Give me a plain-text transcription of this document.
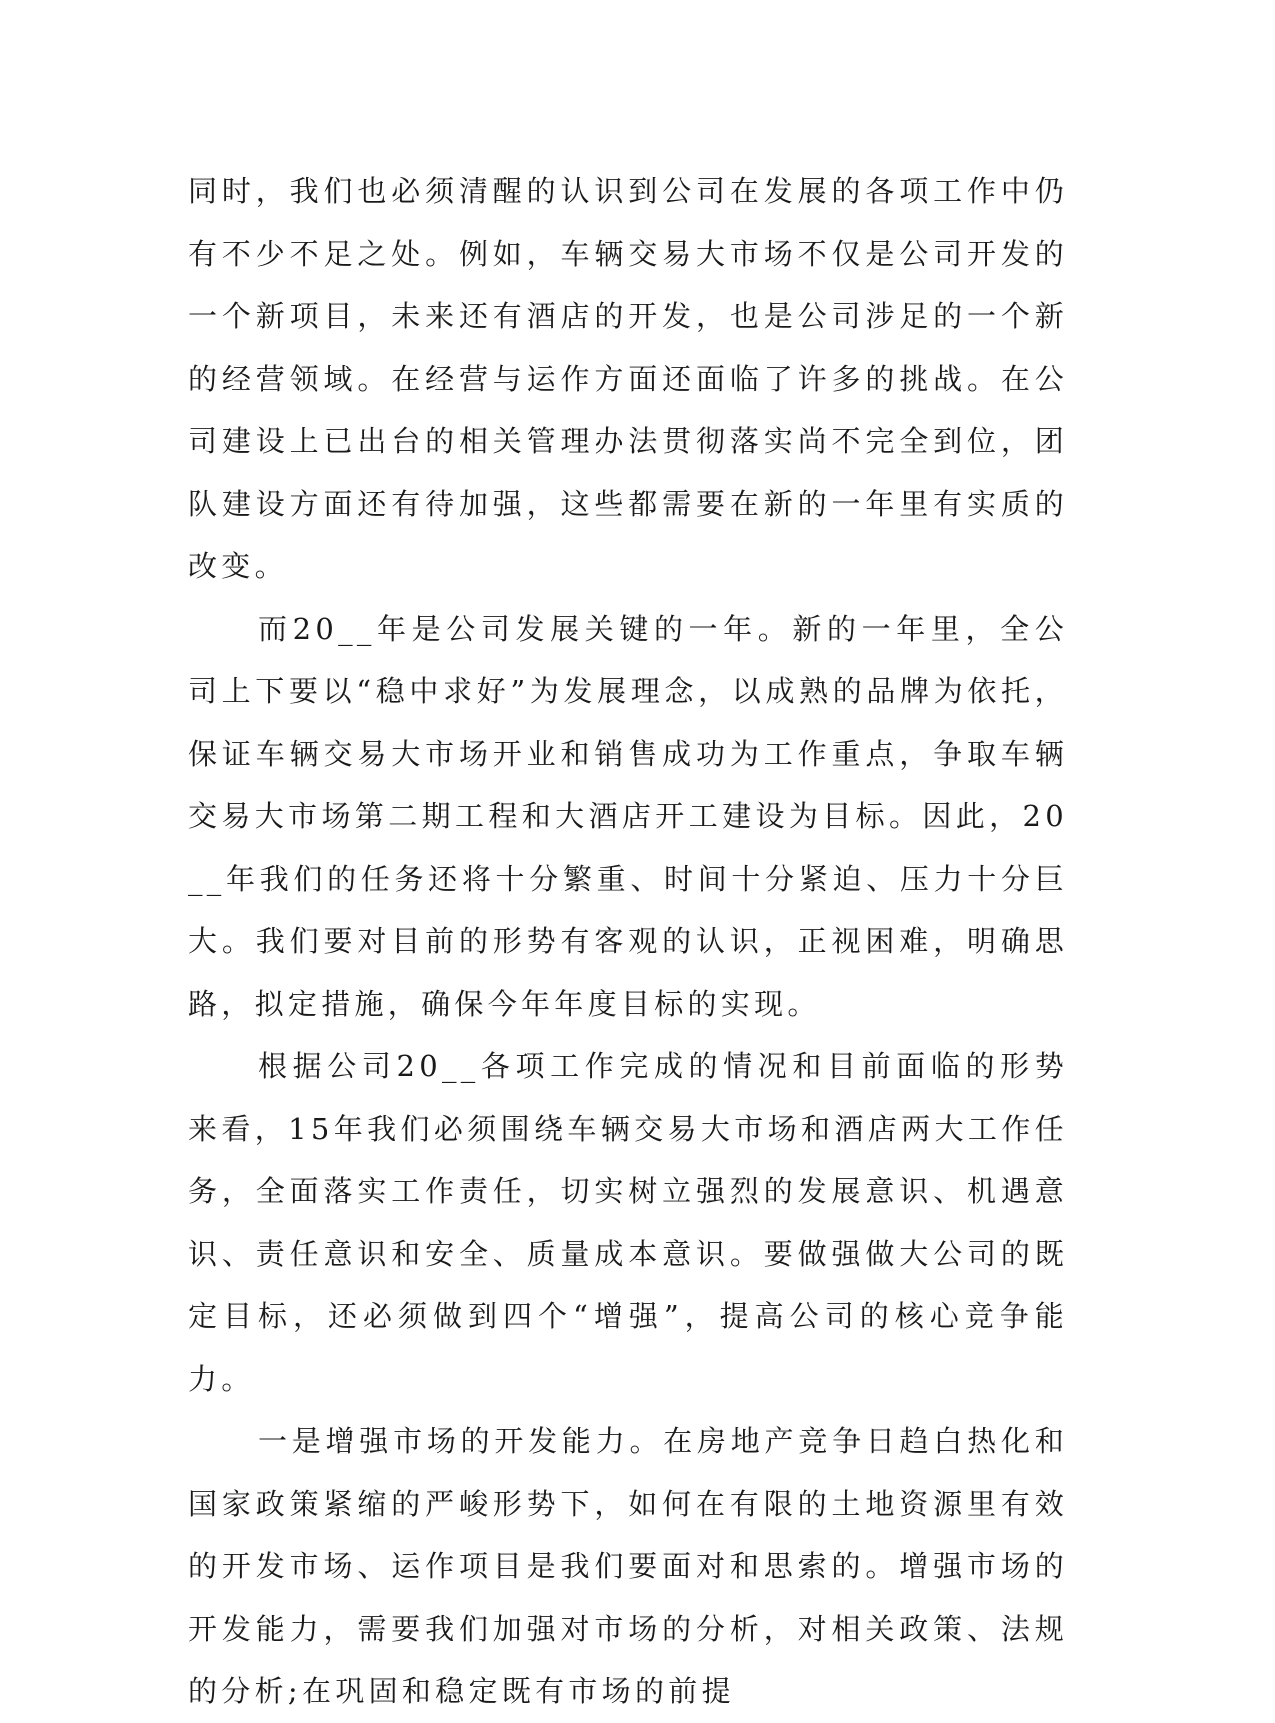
同时，我们也必须清醒的认识到公司在发展的各项工作中仍有不少不足之处。例如，车辆交易大市场不仅是公司开发的一个新项目，未来还有酒店的开发，也是公司涉足的一个新的经营领域。在经营与运作方面还面临了许多的挑战。在公司建设上已出台的相关管理办法贯彻落实尚不完全到位，团队建设方面还有待加强，这些都需要在新的一年里有实质的改变。

而20__年是公司发展关键的一年。新的一年里，全公司上下要以“稳中求好”为发展理念，以成熟的品牌为依托，保证车辆交易大市场开业和销售成功为工作重点，争取车辆交易大市场第二期工程和大酒店开工建设为目标。因此，20__年我们的任务还将十分繁重、时间十分紧迫、压力十分巨大。我们要对目前的形势有客观的认识，正视困难，明确思路，拟定措施，确保今年年度目标的实现。

根据公司20__各项工作完成的情况和目前面临的形势来看，15年我们必须围绕车辆交易大市场和酒店两大工作任务，全面落实工作责任，切实树立强烈的发展意识、机遇意识、责任意识和安全、质量成本意识。要做强做大公司的既定目标，还必须做到四个“增强”，提高公司的核心竞争能力。

一是增强市场的开发能力。在房地产竞争日趋白热化和国家政策紧缩的严峻形势下，如何在有限的土地资源里有效的开发市场、运作项目是我们要面对和思索的。增强市场的开发能力，需要我们加强对市场的分析，对相关政策、法规的分析;在巩固和稳定既有市场的前提
